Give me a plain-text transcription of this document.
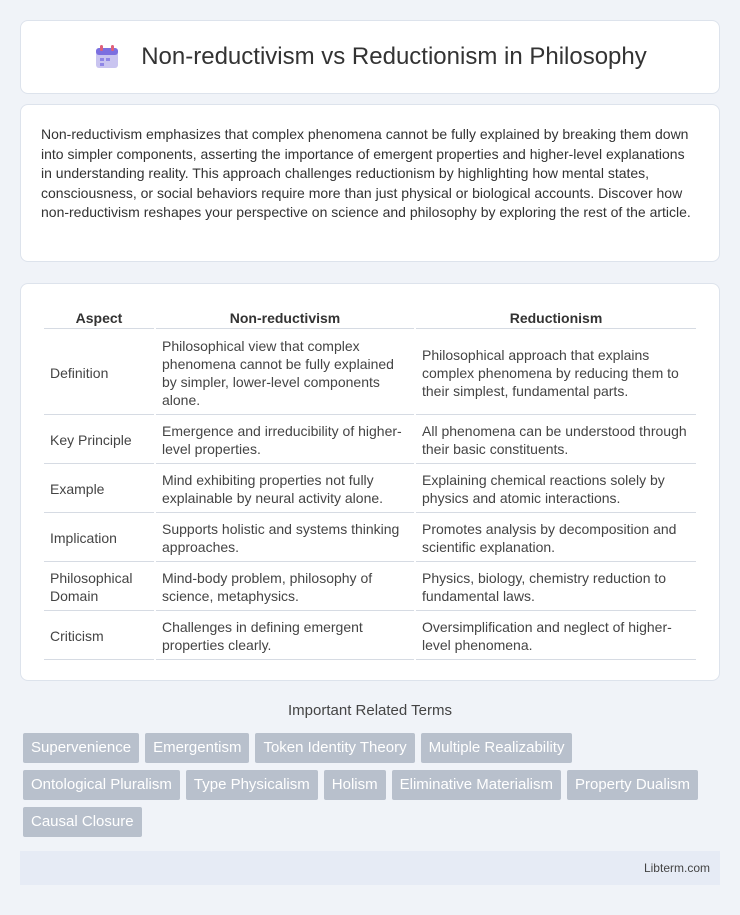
Non-reductivism vs Reductionism in Philosophy

Non-reductivism emphasizes that complex phenomena cannot be fully explained by breaking them down into simpler components, asserting the importance of emergent properties and higher-level explanations in understanding reality. This approach challenges reductionism by highlighting how mental states, consciousness, or social behaviors require more than just physical or biological accounts. Discover how non-reductivism reshapes your perspective on science and philosophy by exploring the rest of the article.

Aspect	Non-reductivism	Reductionism
Definition	Philosophical view that complex phenomena cannot be fully explained by simpler, lower-level components alone.	Philosophical approach that explains complex phenomena by reducing them to their simplest, fundamental parts.
Key Principle	Emergence and irreducibility of higher-level properties.	All phenomena can be understood through their basic constituents.
Example	Mind exhibiting properties not fully explainable by neural activity alone.	Explaining chemical reactions solely by physics and atomic interactions.
Implication	Supports holistic and systems thinking approaches.	Promotes analysis by decomposition and scientific explanation.
Philosophical Domain	Mind-body problem, philosophy of science, metaphysics.	Physics, biology, chemistry reduction to fundamental laws.
Criticism	Challenges in defining emergent properties clearly.	Oversimplification and neglect of higher-level phenomena.
Important Related Terms
Supervenience	Emergentism	Token Identity Theory	Multiple Realizability
Ontological Pluralism	Type Physicalism	Holism	Eliminative Materialism	Property Dualism
Causal Closure
Libterm.com
